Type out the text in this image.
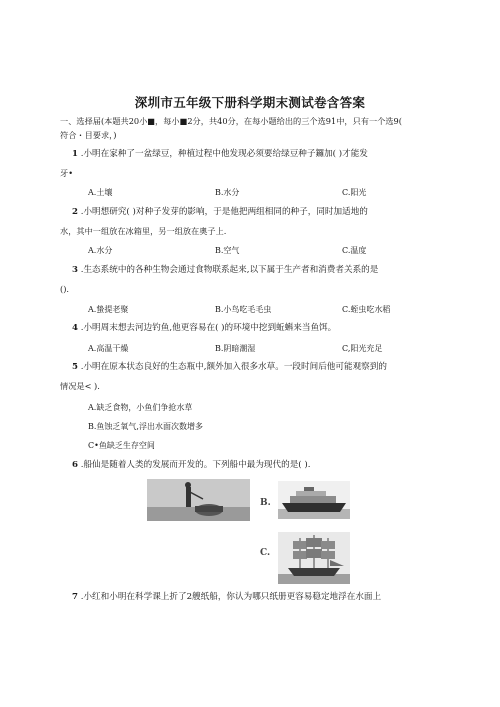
深圳市五年级下册科学期末测试卷含答案
一、选择届(本题共20小■，每小■2分，共40分，在每小题给出的三个选91中，只有一个选9(
符合・目要求，)
1 .小明在家种了一盆绿豆，种植过程中他发现必须要给绿豆种子鑼加( )才能发
牙•
A.土壤	B.水分	C.阳光
2 .小明想研究( )对种子发芽的影响，于是他把两组相同的种子，同时加适地的
水，其中一组放在冰箱里，另一组放在奧子上.
A.水分	B.空气	C.温度
3 .生态系统中的各种生物会通过食物联系起来,以下属于生产者和消费者关系的是
().
A.蛰提老聚	B.小鸟吃毛毛虫	C.蛭虫吃水稻
4 .小明周末想去河边钓鱼,他更容易在( )的环境中挖到蚯蝌来当鱼饵。
A.高温干燥	B.阴暗潮湿	C,阳光充足
5 .小明在原本状态良好的生态瓶中,额外加入很多水草。一段时间后他可能观察到的
情况是< ).
A.缺乏食物，小鱼们争抢水草
B.鱼蚀乏氧气,浮出水面次数增多
C•鱼缺乏生存空间
6 .船仙是随着人类的发展而开发的。下列船中最为现代的是( ).
B.
C.
7 .小红和小明在科学课上折了2艘纸船，你认为哪只纸册更容易稳定地浮在水面上
